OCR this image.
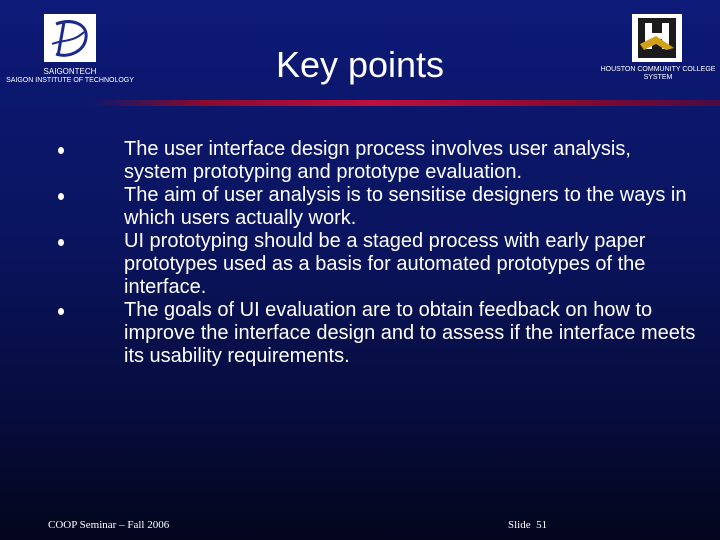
SAIGONTECH
SAIGON INSTITUTE OF TECHNOLOGY	Key points	HOUSTON COMMUNITY COLLEGE SYSTEM
The user interface design process involves user analysis, system prototyping and prototype evaluation.
The aim of user analysis is to sensitise designers to the ways in which users actually work.
UI prototyping should be a staged process with early paper prototypes used as a basis for automated prototypes of the interface.
The goals of UI evaluation are to obtain feedback on how to improve the interface design and to assess if the interface meets its usability requirements.
COOP Seminar – Fall 2006	Slide  51
